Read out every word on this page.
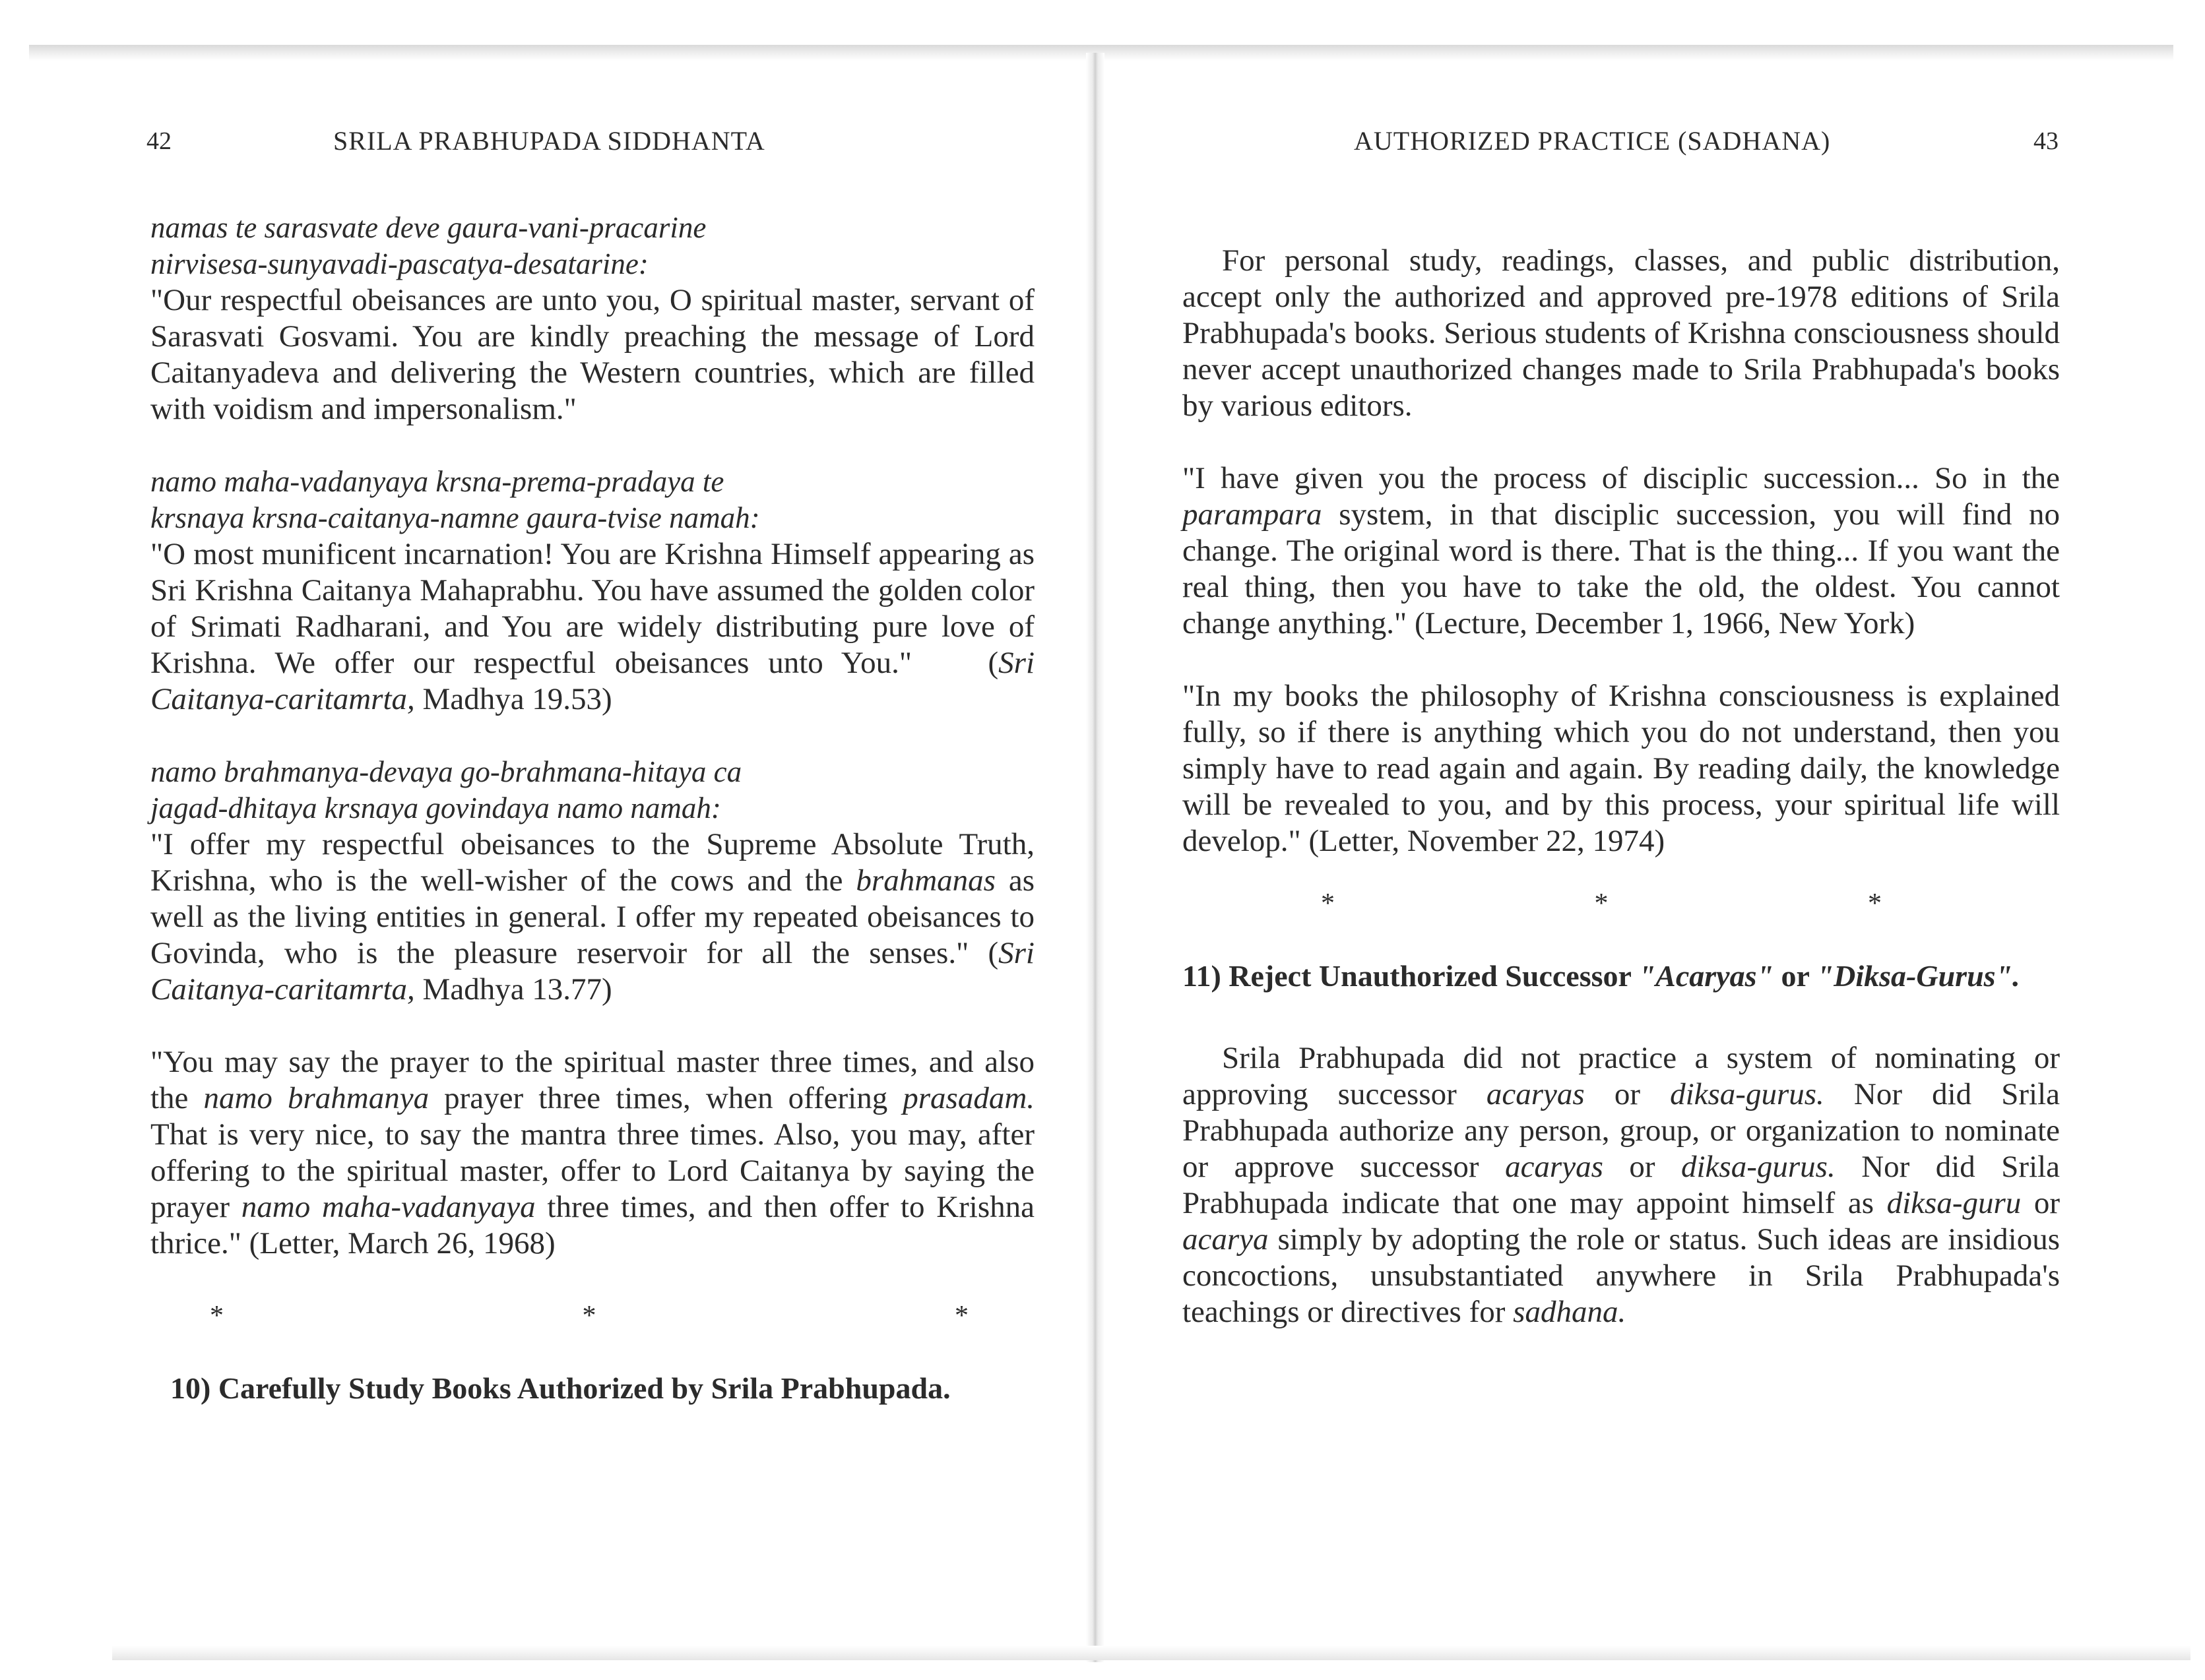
42	SRILA PRABHUPADA SIDDHANTA
namas te sarasvate deve gaura-vani-pracarine
nirvisesa-sunyavadi-pascatya-desatarine:

"Our respectful obeisances are unto you, O spiritual master, servant of Sarasvati Gosvami. You are kindly preaching the message of Lord Caitanyadeva and delivering the Western countries, which are filled with voidism and impersonalism."

namo maha-vadanyaya krsna-prema-pradaya te
krsnaya krsna-caitanya-namne gaura-tvise namah:

"O most munificent incarnation! You are Krishna Himself appearing as Sri Krishna Caitanya Mahaprabhu. You have assumed the golden color of Srimati Radharani, and You are widely distributing pure love of Krishna. We offer our respectful obeisances unto You." (Sri Caitanya-caritamrta, Madhya 19.53)

namo brahmanya-devaya go-brahmana-hitaya ca
jagad-dhitaya krsnaya govindaya namo namah:

"I offer my respectful obeisances to the Supreme Absolute Truth, Krishna, who is the well-wisher of the cows and the brahmanas as well as the living entities in general. I offer my repeated obeisances to Govinda, who is the pleasure reservoir for all the senses." (Sri Caitanya-caritamrta, Madhya 13.77)

"You may say the prayer to the spiritual master three times, and also the namo brahmanya prayer three times, when offering prasadam. That is very nice, to say the mantra three times. Also, you may, after offering to the spiritual master, offer to Lord Caitanya by saying the prayer namo maha-vadanyaya three times, and then offer to Krishna thrice." (Letter, March 26, 1968)

*	*	*
10) Carefully Study Books Authorized by Srila Prabhupada.
AUTHORIZED PRACTICE (SADHANA)	43

For personal study, readings, classes, and public distribution, accept only the authorized and approved pre-1978 editions of Srila Prabhupada's books. Serious students of Krishna consciousness should never accept unauthorized changes made to Srila Prabhupada's books by various editors.

"I have given you the process of disciplic succession... So in the parampara system, in that disciplic succession, you will find no change. The original word is there. That is the thing... If you want the real thing, then you have to take the old, the oldest. You cannot change anything." (Lecture, December 1, 1966, New York)

"In my books the philosophy of Krishna consciousness is explained fully, so if there is anything which you do not understand, then you simply have to read again and again. By reading daily, the knowledge will be revealed to you, and by this process, your spiritual life will develop." (Letter, November 22, 1974)

*	*	*
11) Reject Unauthorized Successor "Acaryas" or "Diksa-Gurus".

Srila Prabhupada did not practice a system of nominating or approving successor acaryas or diksa-gurus. Nor did Srila Prabhupada authorize any person, group, or organization to nominate or approve successor acaryas or diksa-gurus. Nor did Srila Prabhupada indicate that one may appoint himself as diksa-guru or acarya simply by adopting the role or status. Such ideas are insidious concoctions, unsubstantiated anywhere in Srila Prabhupada's teachings or directives for sadhana.
